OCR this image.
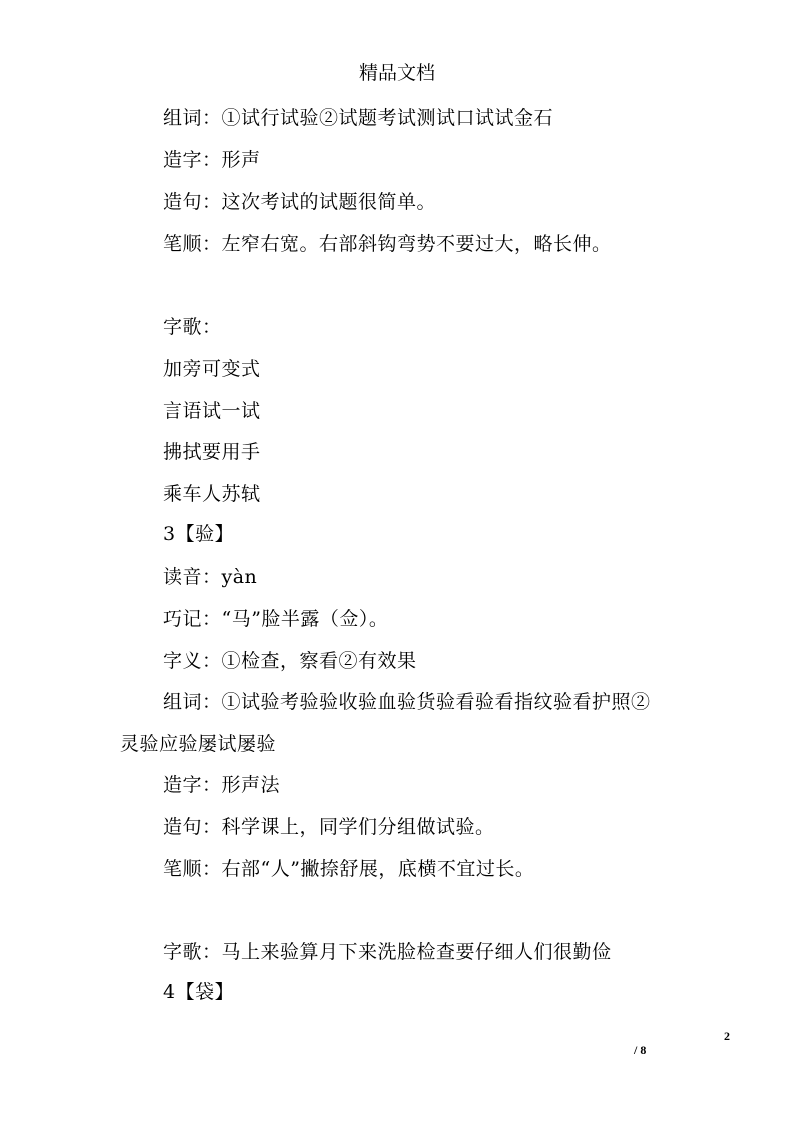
精品文档
组词：①试行试验②试题考试测试口试试金石
造字：形声
造句：这次考试的试题很简单。
笔顺：左窄右宽。右部斜钩弯势不要过大，略长伸。
字歌：
加旁可变式
言语试一试
拂拭要用手
乘车人苏轼
3【验】
读音：yàn
巧记：“马”脸半露（佥）。
字义：①检查，察看②有效果
组词：①试验考验验收验血验货验看验看指纹验看护照②
灵验应验屡试屡验
造字：形声法
造句：科学课上，同学们分组做试验。
笔顺：右部“人”撇捺舒展，底横不宜过长。
字歌：马上来验算月下来洗脸检查要仔细人们很勤俭
4【袋】
2
/ 8
